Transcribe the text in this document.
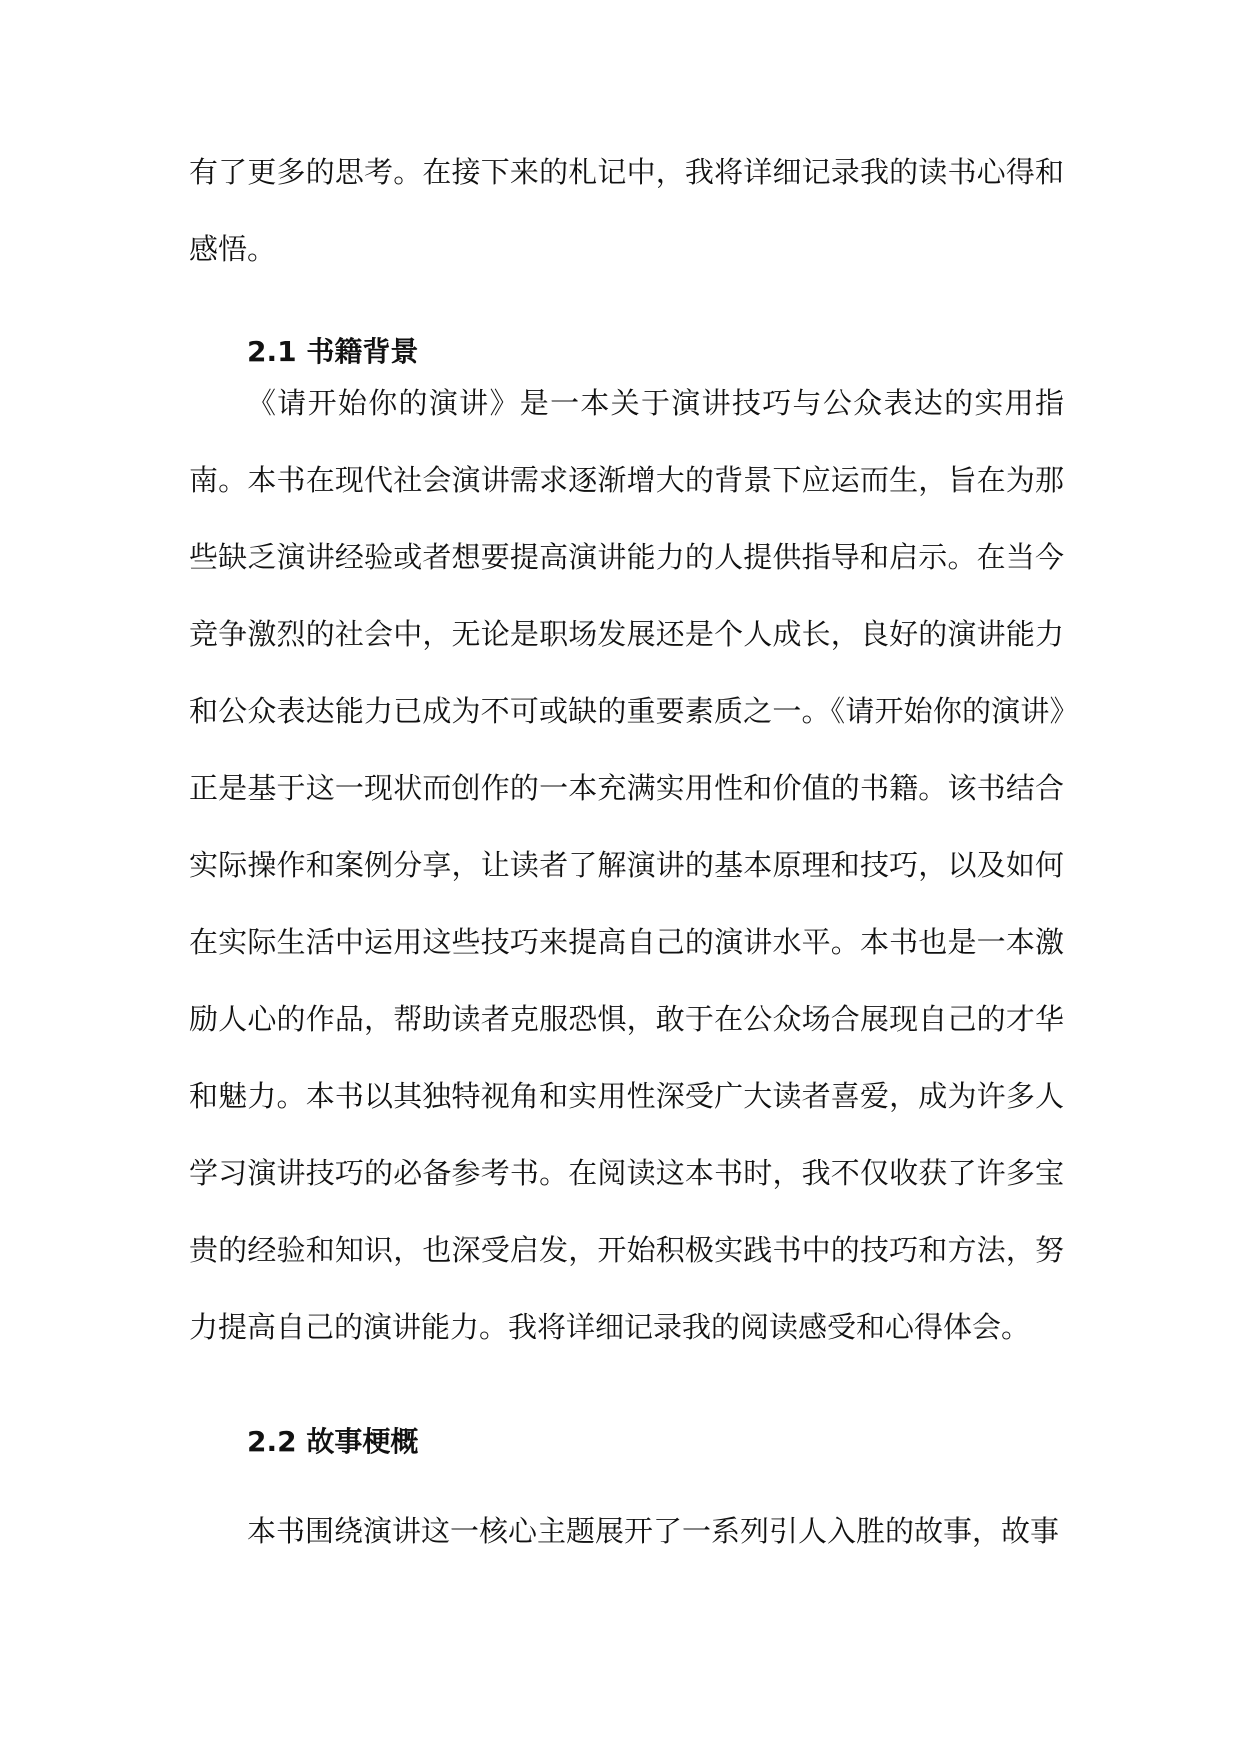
有了更多的思考。在接下来的札记中，我将详细记录我的读书心得和感悟。

2.1 书籍背景

《请开始你的演讲》是一本关于演讲技巧与公众表达的实用指南。本书在现代社会演讲需求逐渐增大的背景下应运而生，旨在为那些缺乏演讲经验或者想要提高演讲能力的人提供指导和启示。在当今竞争激烈的社会中，无论是职场发展还是个人成长，良好的演讲能力和公众表达能力已成为不可或缺的重要素质之一。《请开始你的演讲》正是基于这一现状而创作的一本充满实用性和价值的书籍。该书结合实际操作和案例分享，让读者了解演讲的基本原理和技巧，以及如何在实际生活中运用这些技巧来提高自己的演讲水平。本书也是一本激励人心的作品，帮助读者克服恐惧，敢于在公众场合展现自己的才华和魅力。本书以其独特视角和实用性深受广大读者喜爱，成为许多人学习演讲技巧的必备参考书。在阅读这本书时，我不仅收获了许多宝贵的经验和知识，也深受启发，开始积极实践书中的技巧和方法，努力提高自己的演讲能力。我将详细记录我的阅读感受和心得体会。

2.2 故事梗概

本书围绕演讲这一核心主题展开了一系列引人入胜的故事，故事
